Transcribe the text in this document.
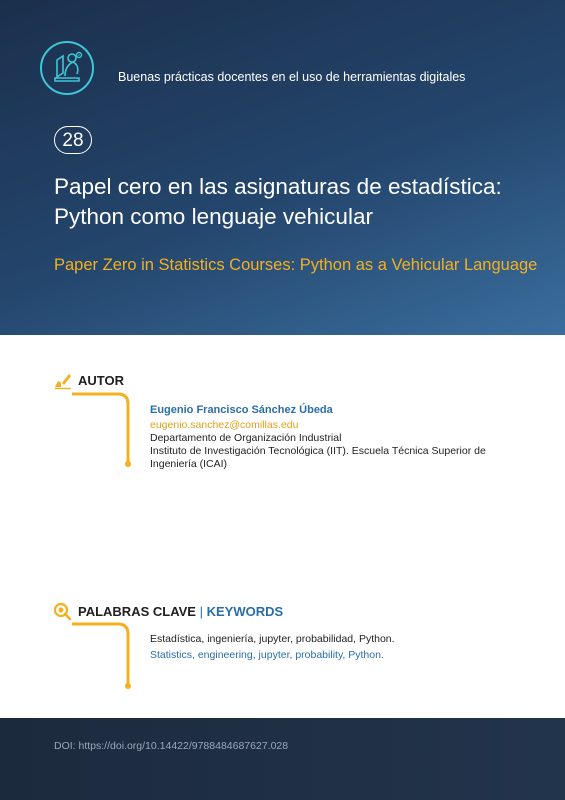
Buenas prácticas docentes en el uso de herramientas digitales
28
Papel cero en las asignaturas de estadística:
Python como lenguaje vehicular
Paper Zero in Statistics Courses: Python as a Vehicular Language
AUTOR
Eugenio Francisco Sánchez Úbeda
eugenio.sanchez@comillas.edu
Departamento de Organización Industrial
Instituto de Investigación Tecnológica (IIT). Escuela Técnica Superior de Ingeniería (ICAI)
PALABRAS CLAVE | KEYWORDS
Estadística, ingeniería, jupyter, probabilidad, Python.
Statistics, engineering, jupyter, probability, Python.
DOI: https://doi.org/10.14422/9788484687627.028
